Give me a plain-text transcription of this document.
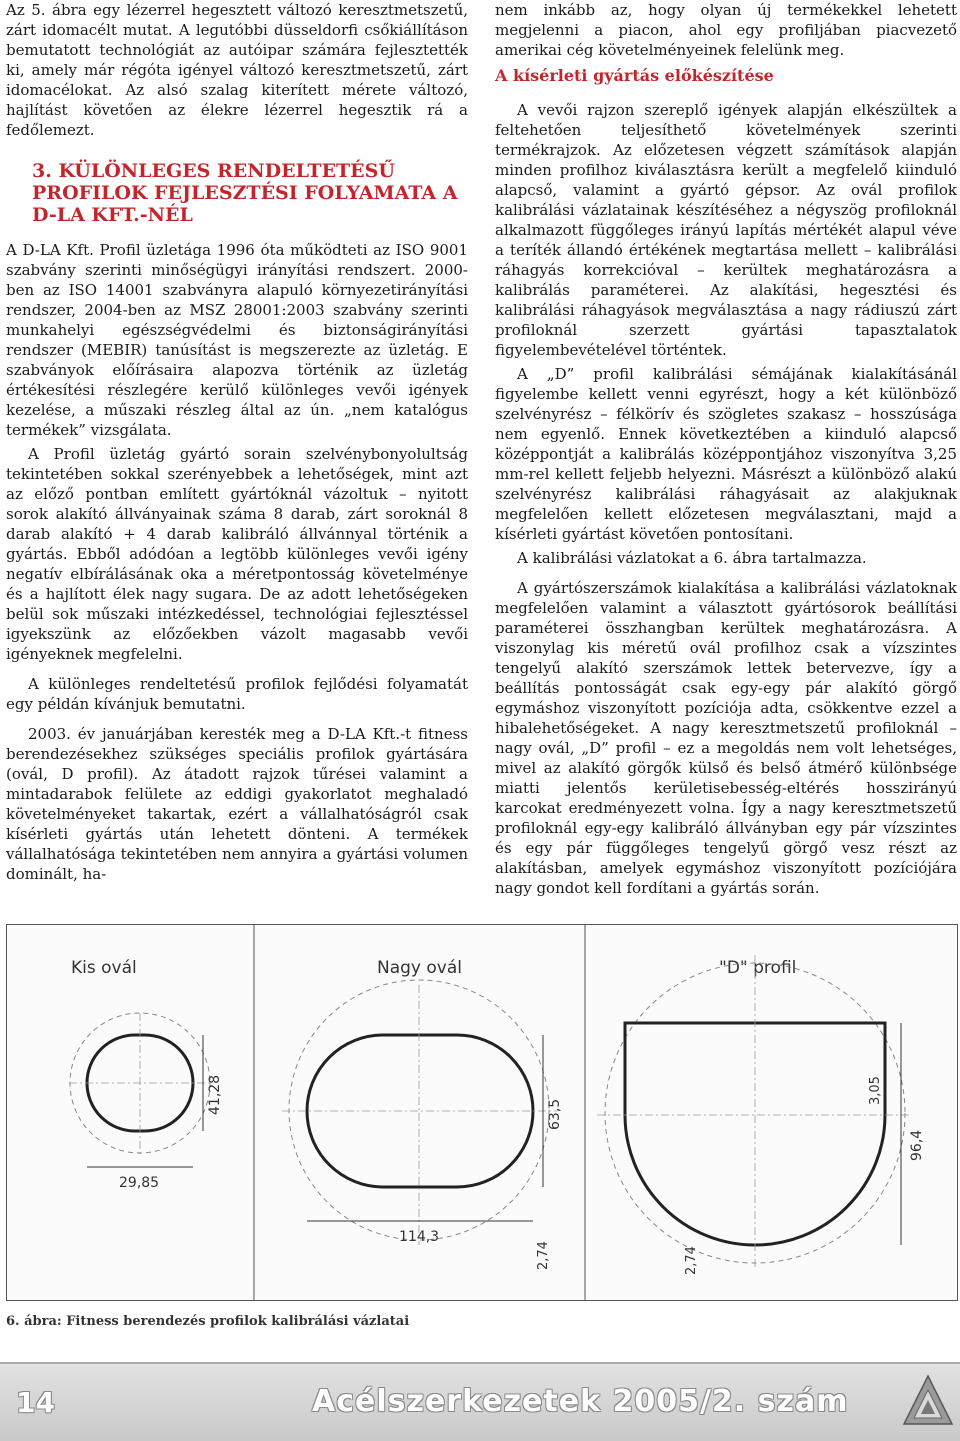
Az 5. ábra egy lézerrel hegesztett változó keresztmetszetű, zárt idomacélt mutat. A legutóbbi düsseldorfi csőkiállításon bemutatott technológiát az autóipar számára fejlesztették ki, amely már régóta igényel változó keresztmetszetű, zárt idomacélokat. Az alsó szalag kiterített mérete változó, hajlítást követően az élekre lézerrel hegesztik rá a fedőlemezt.

3. KÜLÖNLEGES RENDELTETÉSŰ PROFILOK FEJLESZTÉSI FOLYAMATA A D-LA KFT.-NÉL

A D-LA Kft. Profil üzletága 1996 óta működteti az ISO 9001 szabvány szerinti minőségügyi irányítási rendszert. 2000-ben az ISO 14001 szabványra alapuló környezetirányítási rendszer, 2004-ben az MSZ 28001:2003 szabvány szerinti munkahelyi egészségvédelmi és biztonságirányítási rendszer (MEBIR) tanúsítást is megszerezte az üzletág. E szabványok előírásaira alapozva történik az üzletág értékesítési részlegére kerülő különleges vevői igények kezelése, a műszaki részleg által az ún. „nem katalógus termékek” vizsgálata.

A Profil üzletág gyártó sorain szelvénybonyolultság tekintetében sokkal szerényebbek a lehetőségek, mint azt az előző pontban említett gyártóknál vázoltuk – nyitott sorok alakító állványainak száma 8 darab, zárt soroknál 8 darab alakító + 4 darab kalibráló állvánnyal történik a gyártás. Ebből adódóan a legtöbb különleges vevői igény negatív elbírálásának oka a méretpontosság követelménye és a hajlított élek nagy sugara. De az adott lehetőségeken belül sok műszaki intézkedéssel, technológiai fejlesztéssel igyekszünk az előzőekben vázolt magasabb vevői igényeknek megfelelni.

A különleges rendeltetésű profilok fejlődési folyamatát egy példán kívánjuk bemutatni.

2003. év januárjában keresték meg a D-LA Kft.-t fitness berendezésekhez szükséges speciális profilok gyártására (ovál, D profil). Az átadott rajzok tűrései valamint a mintadarabok felülete az eddigi gyakorlatot meghaladó követelményeket takartak, ezért a vállalhatóságról csak kísérleti gyártás után lehetett dönteni. A termékek vállalhatósága tekintetében nem annyira a gyártási volumen dominált, ha-

nem inkább az, hogy olyan új termékekkel lehetett megjelenni a piacon, ahol egy profiljában piacvezető amerikai cég követelményeinek felelünk meg.

A kísérleti gyártás előkészítése

A vevői rajzon szereplő igények alapján elkészültek a feltehetően teljesíthető követelmények szerinti termékrajzok. Az előzetesen végzett számítások alapján minden profilhoz kiválasztásra került a megfelelő kiinduló alapcső, valamint a gyártó gépsor. Az ovál profilok kalibrálási vázlatainak készítéséhez a négyszög profiloknál alkalmazott függőleges irányú lapítás mértékét alapul véve a teríték állandó értékének megtartása mellett – kalibrálási ráhagyás korrekcióval – kerültek meghatározásra a kalibrálás paraméterei. Az alakítási, hegesztési és kalibrálási ráhagyások megválasztása a nagy rádiuszú zárt profiloknál szerzett gyártási tapasztalatok figyelembevételével történtek.

A „D” profil kalibrálási sémájának kialakításánál figyelembe kellett venni egyrészt, hogy a két különböző szelvényrész – félkörív és szögletes szakasz – hosszúsága nem egyenlő. Ennek következtében a kiinduló alapcső középpontját a kalibrálás középpontjához viszonyítva 3,25 mm-rel kellett feljebb helyezni. Másrészt a különböző alakú szelvényrész kalibrálási ráhagyásait az alakjuknak megfelelően kellett előzetesen megválasztani, majd a kísérleti gyártást követően pontosítani.

A kalibrálási vázlatokat a 6. ábra tartalmazza.

A gyártószerszámok kialakítása a kalibrálási vázlatoknak megfelelően valamint a választott gyártósorok beállítási paraméterei összhangban kerültek meghatározásra. A viszonylag kis méretű ovál profilhoz csak a vízszintes tengelyű alakító szerszámok lettek betervezve, így a beállítás pontosságát csak egy-egy pár alakító görgő egymáshoz viszonyított pozíciója adta, csökkentve ezzel a hibalehetőségeket. A nagy keresztmetszetű profiloknál – nagy ovál, „D” profil – ez a megoldás nem volt lehetséges, mivel az alakító görgők külső és belső átmérő különbsége miatti jelentős kerületisebesség-eltérés hosszirányú karcokat eredményezett volna. Így a nagy keresztmetszetű profiloknál egy-egy kalibráló állványban egy pár vízszintes és egy pár függőleges tengelyű görgő vesz részt az alakításban, amelyek egymáshoz viszonyított pozíciójára nagy gondot kell fordítani a gyártás során.

Kis ovál
41,28
29,85
Nagy ovál
63,5
114,3
2,74
"D" profil
96,4
3,05
2,74
6. ábra: Fitness berendezés profilok kalibrálási vázlatai
14	Acélszerkezetek 2005/2. szám
